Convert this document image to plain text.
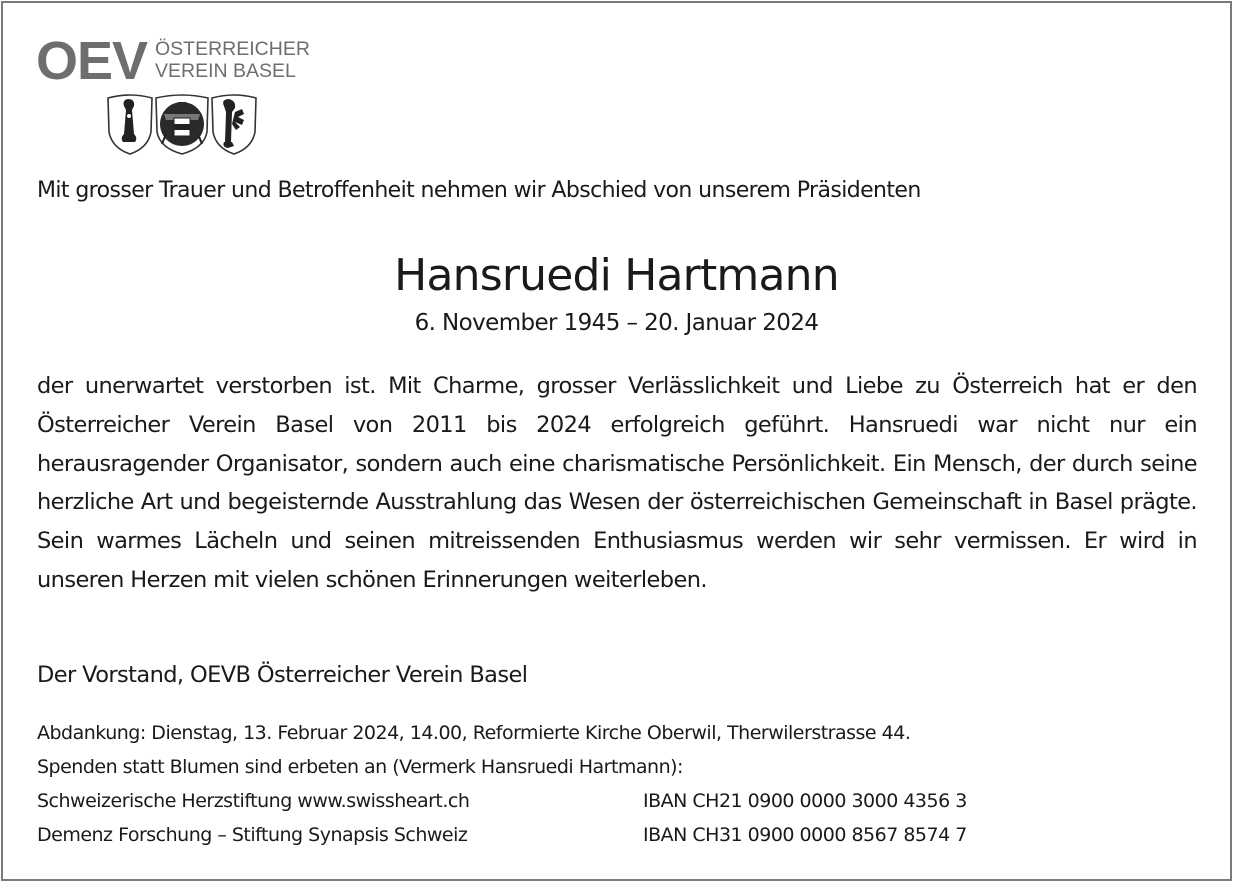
OEV ÖSTERREICHER
VEREIN BASEL
Mit grosser Trauer und Betroffenheit nehmen wir Abschied von unserem Präsidenten
Hansruedi Hartmann
6. November 1945 – 20. Januar 2024
der unerwartet verstorben ist. Mit Charme, grosser Verlässlichkeit und Liebe zu Österreich hat er den Österreicher Verein Basel von 2011 bis 2024 erfolgreich geführt. Hansruedi war nicht nur ein herausragender Organisator, sondern auch eine charismatische Persönlichkeit. Ein Mensch, der durch seine herzliche Art und begeisternde Ausstrahlung das Wesen der österreichischen Gemeinschaft in Basel prägte. Sein warmes Lächeln und seinen mitreissenden Enthusiasmus werden wir sehr vermissen. Er wird in unseren Herzen mit vielen schönen Erinnerungen weiterleben.
Der Vorstand, OEVB Österreicher Verein Basel
Abdankung: Dienstag, 13. Februar 2024, 14.00, Reformierte Kirche Oberwil, Therwilerstrasse 44.
Spenden statt Blumen sind erbeten an (Vermerk Hansruedi Hartmann):
Schweizerische Herzstiftung www.swissheart.ch	IBAN CH21 0900 0000 3000 4356 3
Demenz Forschung – Stiftung Synapsis Schweiz	IBAN CH31 0900 0000 8567 8574 7
